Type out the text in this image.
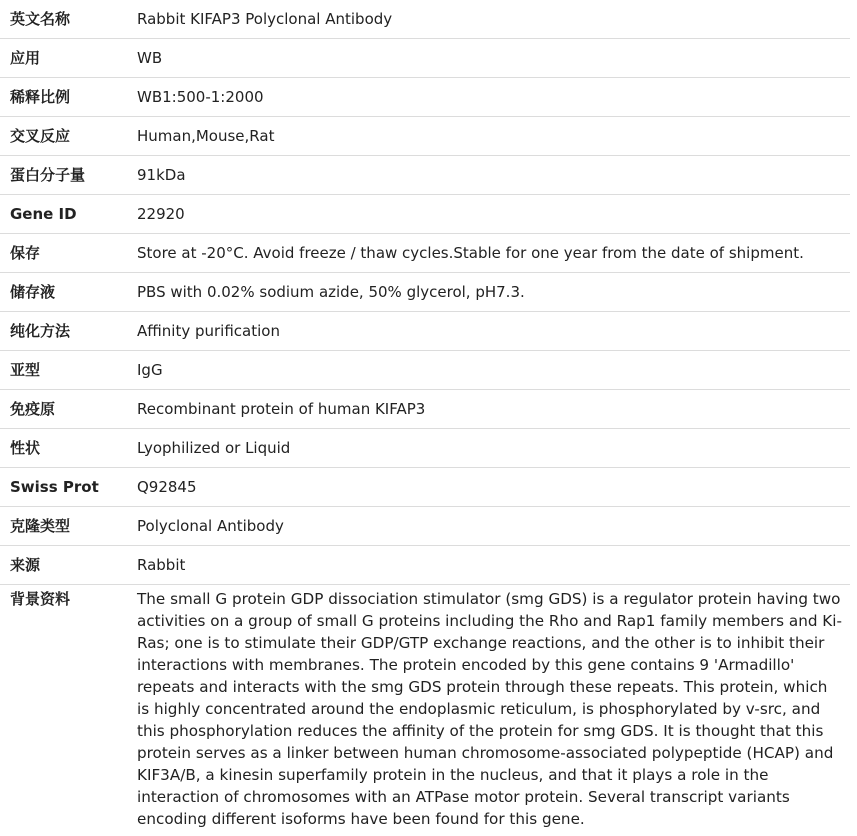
英文名称	Rabbit KIFAP3 Polyclonal Antibody
应用	WB
稀释比例	WB1:500-1:2000
交叉反应	Human,Mouse,Rat
蛋白分子量	91kDa
Gene ID	22920
保存	Store at -20°C. Avoid freeze / thaw cycles.Stable for one year from the date of shipment.
储存液	PBS with 0.02% sodium azide, 50% glycerol, pH7.3.
纯化方法	Affinity purification
亚型	IgG
免疫原	Recombinant protein of human KIFAP3
性状	Lyophilized or Liquid
Swiss Prot	Q92845
克隆类型	Polyclonal Antibody
来源	Rabbit
背景资料	The small G protein GDP dissociation stimulator (smg GDS) is a regulator protein having two activities on a group of small G proteins including the Rho and Rap1 family members and Ki-Ras; one is to stimulate their GDP/GTP exchange reactions, and the other is to inhibit their interactions with membranes. The protein encoded by this gene contains 9 'Armadillo' repeats and interacts with the smg GDS protein through these repeats. This protein, which is highly concentrated around the endoplasmic reticulum, is phosphorylated by v-src, and this phosphorylation reduces the affinity of the protein for smg GDS. It is thought that this protein serves as a linker between human chromosome-associated polypeptide (HCAP) and KIF3A/B, a kinesin superfamily protein in the nucleus, and that it plays a role in the interaction of chromosomes with an ATPase motor protein. Several transcript variants encoding different isoforms have been found for this gene.
